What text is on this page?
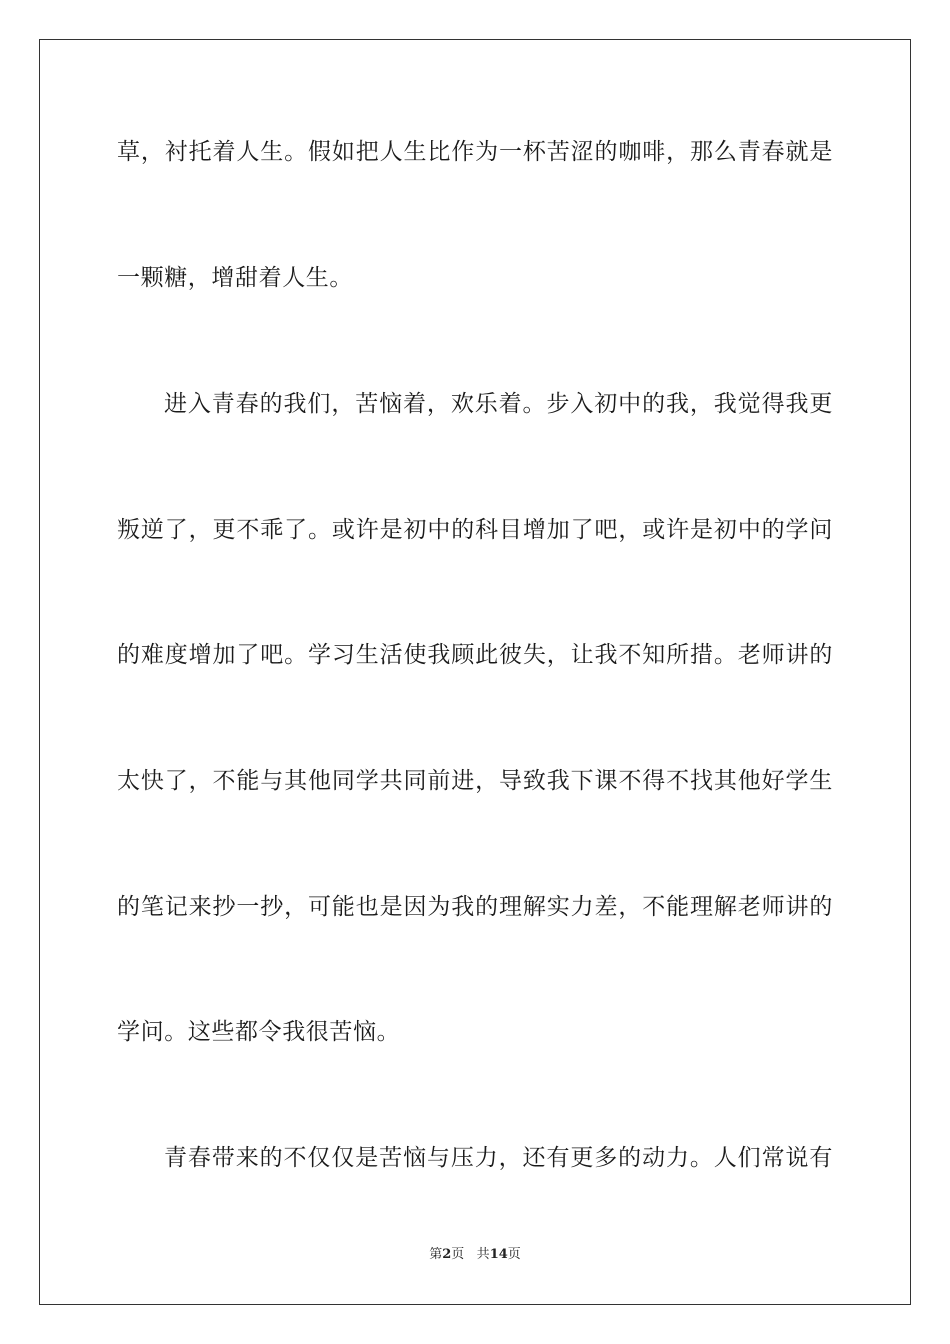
草，衬托着人生。假如把人生比作为一杯苦涩的咖啡，那么青春就是
一颗糖，增甜着人生。
进入青春的我们，苦恼着，欢乐着。步入初中的我，我觉得我更
叛逆了，更不乖了。或许是初中的科目增加了吧，或许是初中的学问
的难度增加了吧。学习生活使我顾此彼失，让我不知所措。老师讲的
太快了，不能与其他同学共同前进，导致我下课不得不找其他好学生
的笔记来抄一抄，可能也是因为我的理解实力差，不能理解老师讲的
学问。这些都令我很苦恼。
青春带来的不仅仅是苦恼与压力，还有更多的动力。人们常说有
第2页 共14页
